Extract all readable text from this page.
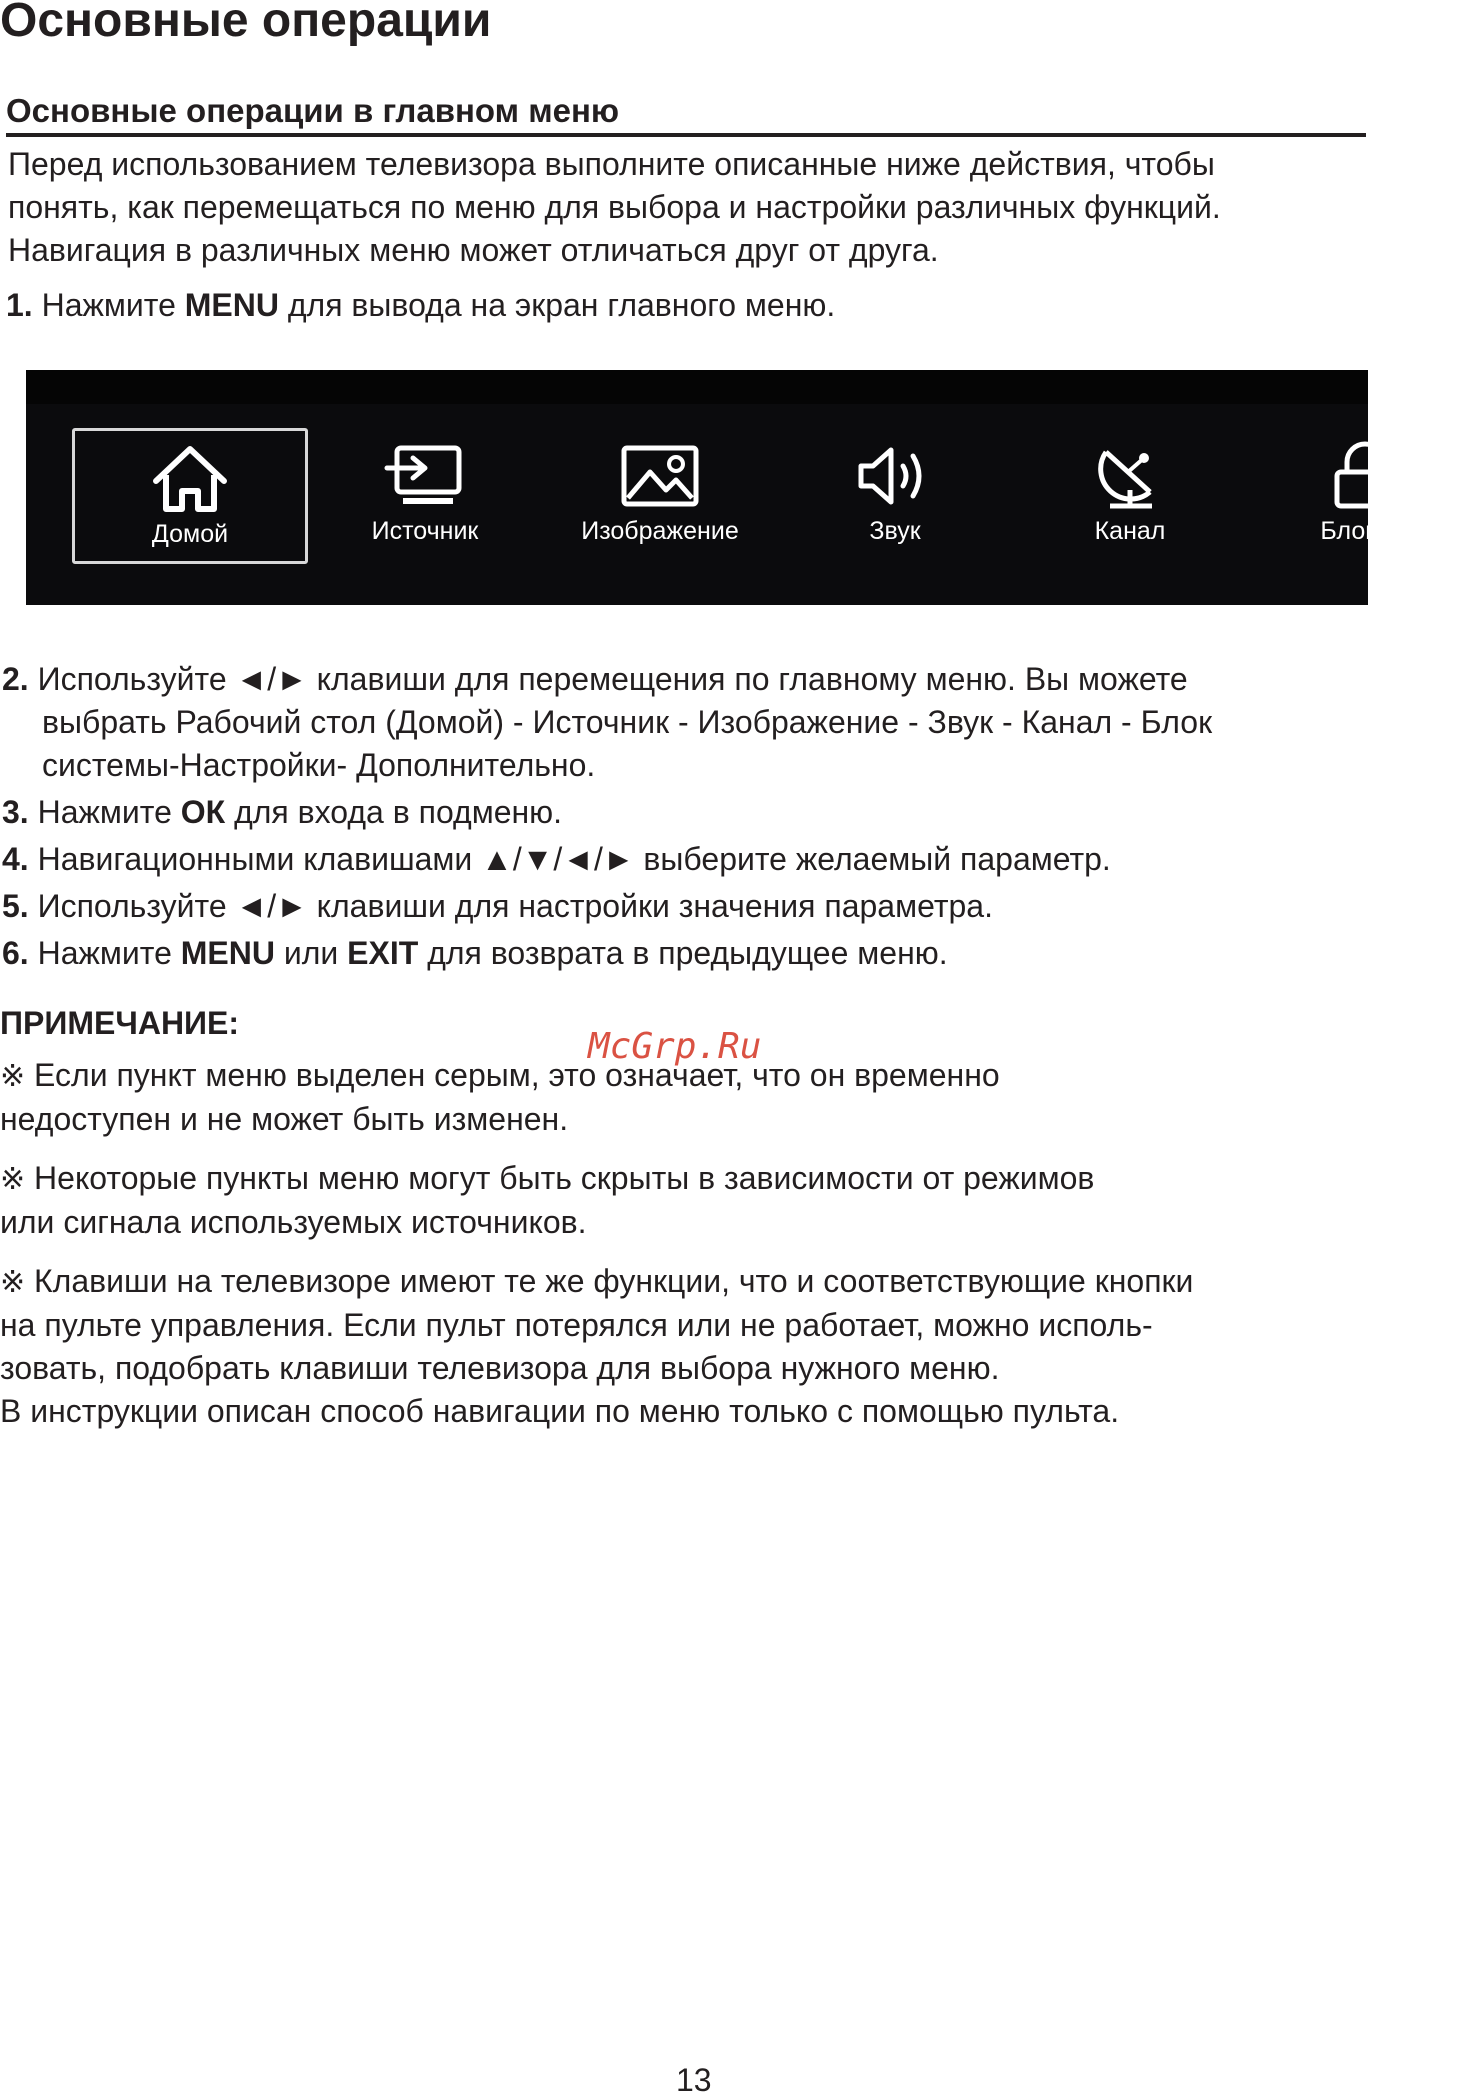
Основные операции
Основные операции в главном меню
Перед использованием телевизора выполните описанные ниже действия, чтобы
понять, как перемещаться по меню для выбора и настройки различных функций.
Навигация в различных меню может отличаться друг от друга.
1. Нажмите MENU для вывода на экран главного меню.
Домой	Источник	Изображение	Звук	Канал	Блок си
2. Используйте ◄/► клавиши для перемещения по главному меню. Вы можете
выбрать Рабочий стол (Домой) - Источник - Изображение - Звук - Канал - Блок
системы-Настройки- Дополнительно.
3. Нажмите ОК для входа в подменю.
4. Навигационными клавишами ▲/▼/◄/► выберите желаемый параметр.
5. Используйте ◄/► клавиши для настройки значения параметра.
6. Нажмите MENU или EXIT для возврата в предыдущее меню.
ПРИМЕЧАНИЕ:
※ Если пункт меню выделен серым, это означает, что он временно
недоступен и не может быть изменен.
※ Некоторые пункты меню могут быть скрыты в зависимости от режимов
или сигнала используемых источников.
※ Клавиши на телевизоре имеют те же функции, что и соответствующие кнопки
на пульте управления. Если пульт потерялся или не работает, можно исполь-
зовать, подобрать клавиши телевизора для выбора нужного меню.
В инструкции описан способ навигации по меню только с помощью пульта.
McGrp.Ru
13
